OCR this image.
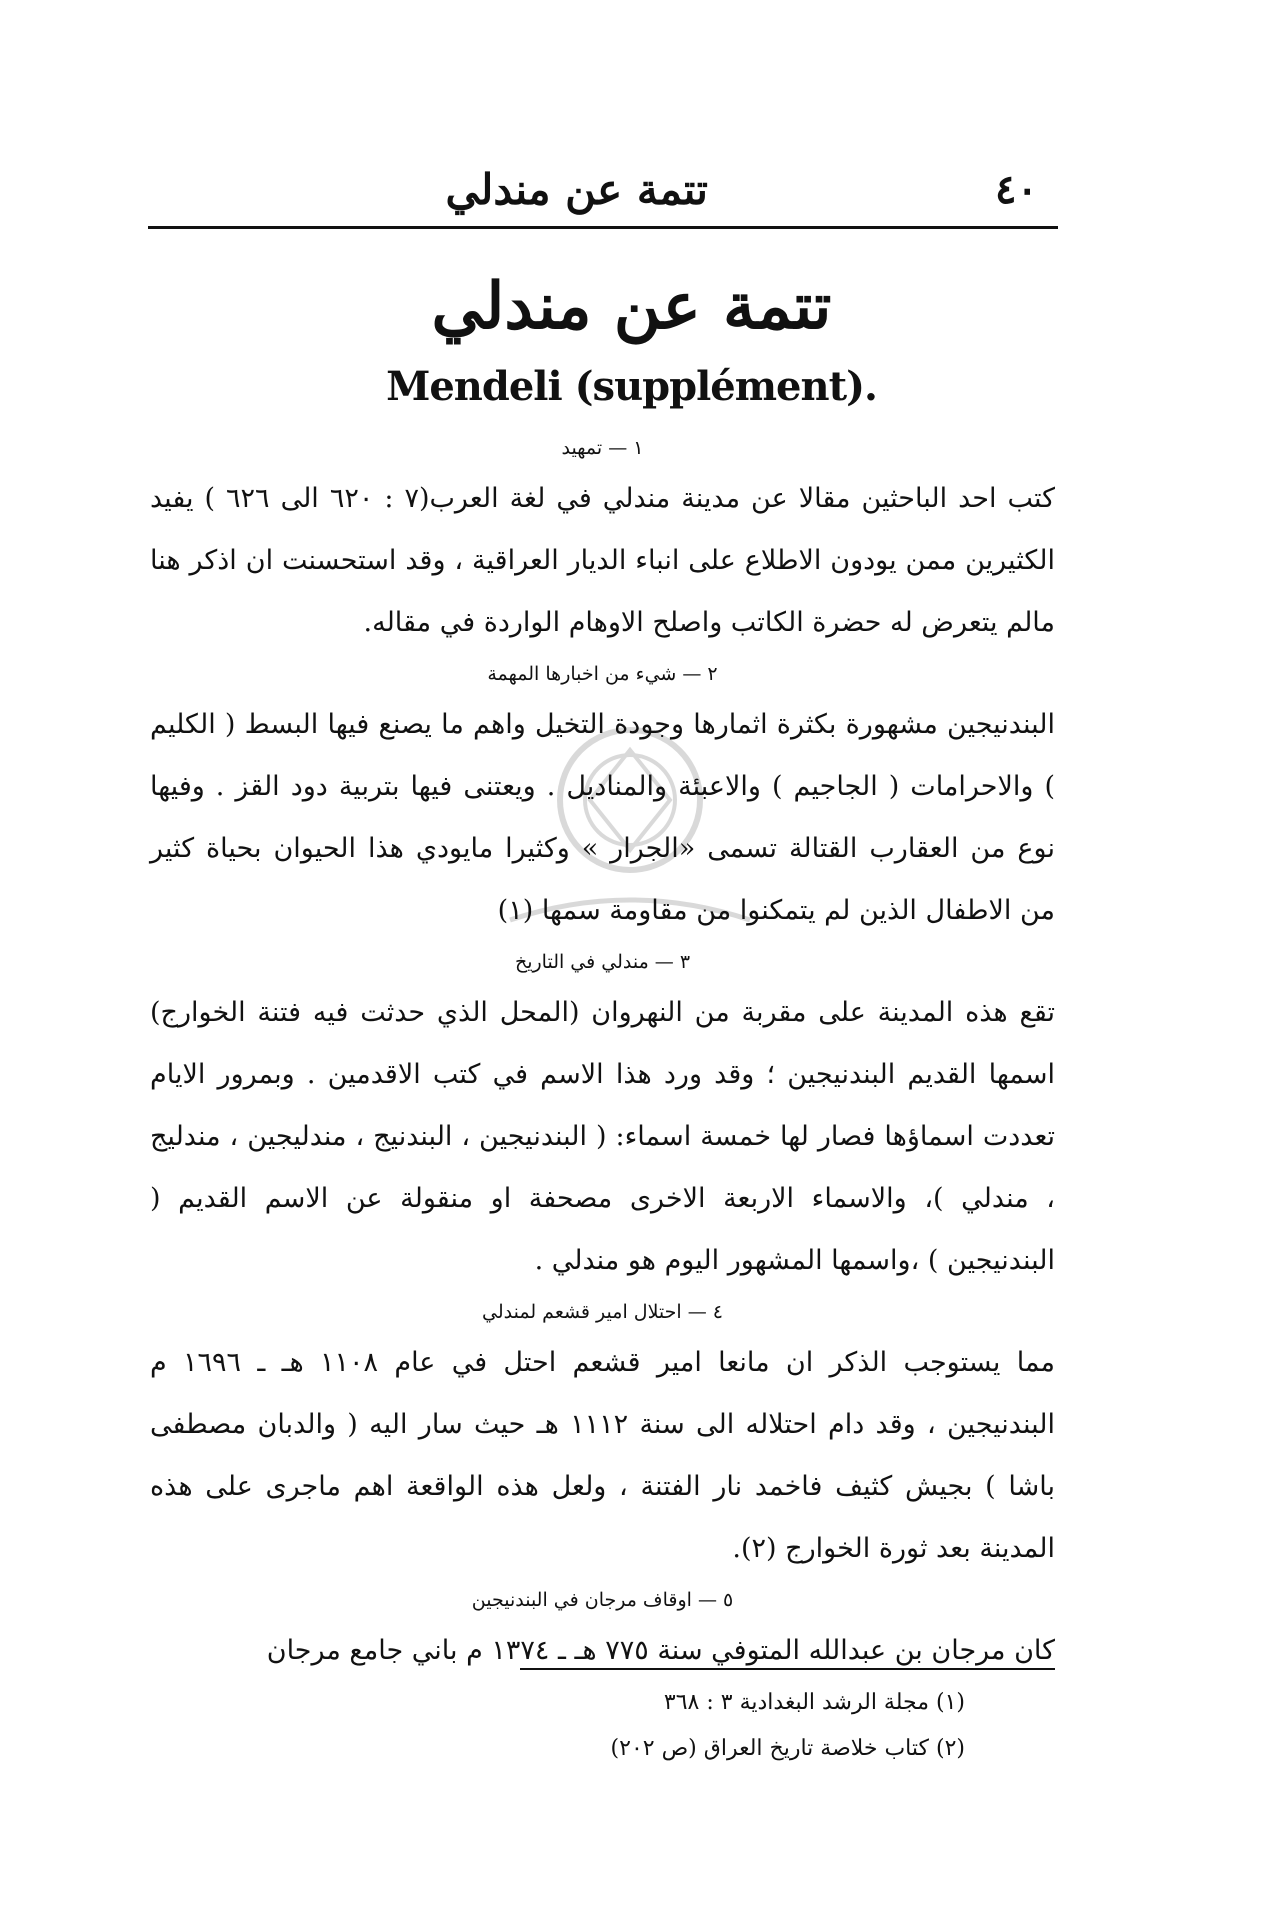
٤٠
تتمة عن مندلي
تتمة عن مندلي
Mendeli (supplément).

١ — تمهيد

كتب احد الباحثين مقالا عن مدينة مندلي في لغة العرب(٧ : ٦٢٠ الى ٦٢٦ ) يفيد الكثيرين ممن يودون الاطلاع على انباء الديار العراقية ، وقد استحسنت ان اذكر هنا مالم يتعرض له حضرة الكاتب واصلح الاوهام الواردة في مقاله.

٢ — شيء من اخبارها المهمة

البندنيجين مشهورة بكثرة اثمارها وجودة التخيل واهم ما يصنع فيها البسط ( الكليم ) والاحرامات ( الجاجيم ) والاعبئة والمناديل . ويعتنى فيها بتربية دود القز . وفيها نوع من العقارب القتالة تسمى «الجرار » وكثيرا مايودي هذا الحيوان بحياة كثير من الاطفال الذين لم يتمكنوا من مقاومة سمها (١)

٣ — مندلي في التاريخ

تقع هذه المدينة على مقربة من النهروان (المحل الذي حدثت فيه فتنة الخوارج) اسمها القديم البندنيجين ؛ وقد ورد هذا الاسم في كتب الاقدمين . وبمرور الايام تعددت اسماؤها فصار لها خمسة اسماء: ( البندنيجين ، البندنيج ، مندليجين ، مندليج ، مندلي )، والاسماء الاربعة الاخرى مصحفة او منقولة عن الاسم القديم ( البندنيجين ) ،واسمها المشهور اليوم هو مندلي .

٤ — احتلال امير قشعم لمندلي

مما يستوجب الذكر ان مانعا امير قشعم احتل في عام ١١٠٨ هـ ـ ١٦٩٦ م البندنيجين ، وقد دام احتلاله الى سنة ١١١٢ هـ حيث سار اليه ( والدبان مصطفى باشا ) بجيش كثيف فاخمد نار الفتنة ، ولعل هذه الواقعة اهم ماجرى على هذه المدينة بعد ثورة الخوارج (٢).

٥ — اوقاف مرجان في البندنيجين

كان مرجان بن عبدالله المتوفي سنة ٧٧٥ هـ ـ ١٣٧٤ م باني جامع مرجان

(١) مجلة الرشد البغدادية ٣ : ٣٦٨

(٢) كتاب خلاصة تاريخ العراق (ص ٢٠٢)
